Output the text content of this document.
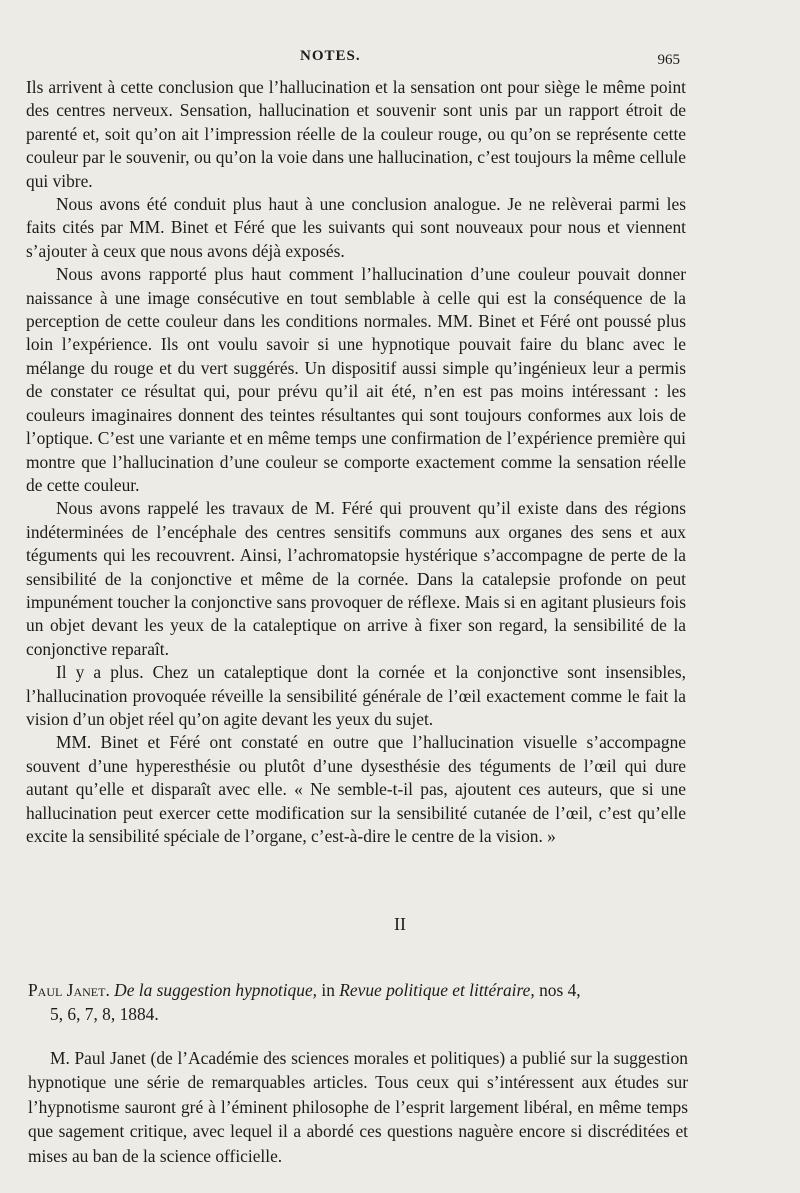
NOTES.	965

Ils arrivent à cette conclusion que l’hallucination et la sensation ont pour siège le même point des centres nerveux. Sensation, hallucination et souvenir sont unis par un rapport étroit de parenté et, soit qu’on ait l’impression réelle de la couleur rouge, ou qu’on se représente cette couleur par le souvenir, ou qu’on la voie dans une hallucination, c’est toujours la même cellule qui vibre.

Nous avons été conduit plus haut à une conclusion analogue. Je ne relèverai parmi les faits cités par MM. Binet et Féré que les suivants qui sont nouveaux pour nous et viennent s’ajouter à ceux que nous avons déjà exposés.

Nous avons rapporté plus haut comment l’hallucination d’une couleur pouvait donner naissance à une image consécutive en tout semblable à celle qui est la conséquence de la perception de cette couleur dans les conditions normales. MM. Binet et Féré ont poussé plus loin l’expérience. Ils ont voulu savoir si une hypnotique pouvait faire du blanc avec le mélange du rouge et du vert suggérés. Un dispositif aussi simple qu’ingénieux leur a permis de constater ce résultat qui, pour prévu qu’il ait été, n’en est pas moins intéressant : les couleurs imaginaires donnent des teintes résultantes qui sont toujours conformes aux lois de l’optique. C’est une variante et en même temps une confirmation de l’expérience première qui montre que l’hallucination d’une couleur se comporte exactement comme la sensation réelle de cette couleur.

Nous avons rappelé les travaux de M. Féré qui prouvent qu’il existe dans des régions indéterminées de l’encéphale des centres sensitifs communs aux organes des sens et aux téguments qui les recouvrent. Ainsi, l’achromatopsie hystérique s’accompagne de perte de la sensibilité de la conjonctive et même de la cornée. Dans la catalepsie profonde on peut impunément toucher la conjonctive sans provoquer de réflexe. Mais si en agitant plusieurs fois un objet devant les yeux de la cataleptique on arrive à fixer son regard, la sensibilité de la conjonctive reparaît.

Il y a plus. Chez un cataleptique dont la cornée et la conjonctive sont insensibles, l’hallucination provoquée réveille la sensibilité générale de l’œil exactement comme le fait la vision d’un objet réel qu’on agite devant les yeux du sujet.

MM. Binet et Féré ont constaté en outre que l’hallucination visuelle s’accompagne souvent d’une hyperesthésie ou plutôt d’une dysesthésie des téguments de l’œil qui dure autant qu’elle et disparaît avec elle. « Ne semble-t-il pas, ajoutent ces auteurs, que si une hallucination peut exercer cette modification sur la sensibilité cutanée de l’œil, c’est qu’elle excite la sensibilité spéciale de l’organe, c’est-à-dire le centre de la vision. »

II
Paul Janet. De la suggestion hypnotique, in Revue politique et littéraire, nos 4,
5, 6, 7, 8, 1884.

M. Paul Janet (de l’Académie des sciences morales et politiques) a publié sur la suggestion hypnotique une série de remarquables articles. Tous ceux qui s’intéressent aux études sur l’hypnotisme sauront gré à l’éminent philosophe de l’esprit largement libéral, en même temps que sagement critique, avec lequel il a abordé ces questions naguère encore si discréditées et mises au ban de la science officielle.
